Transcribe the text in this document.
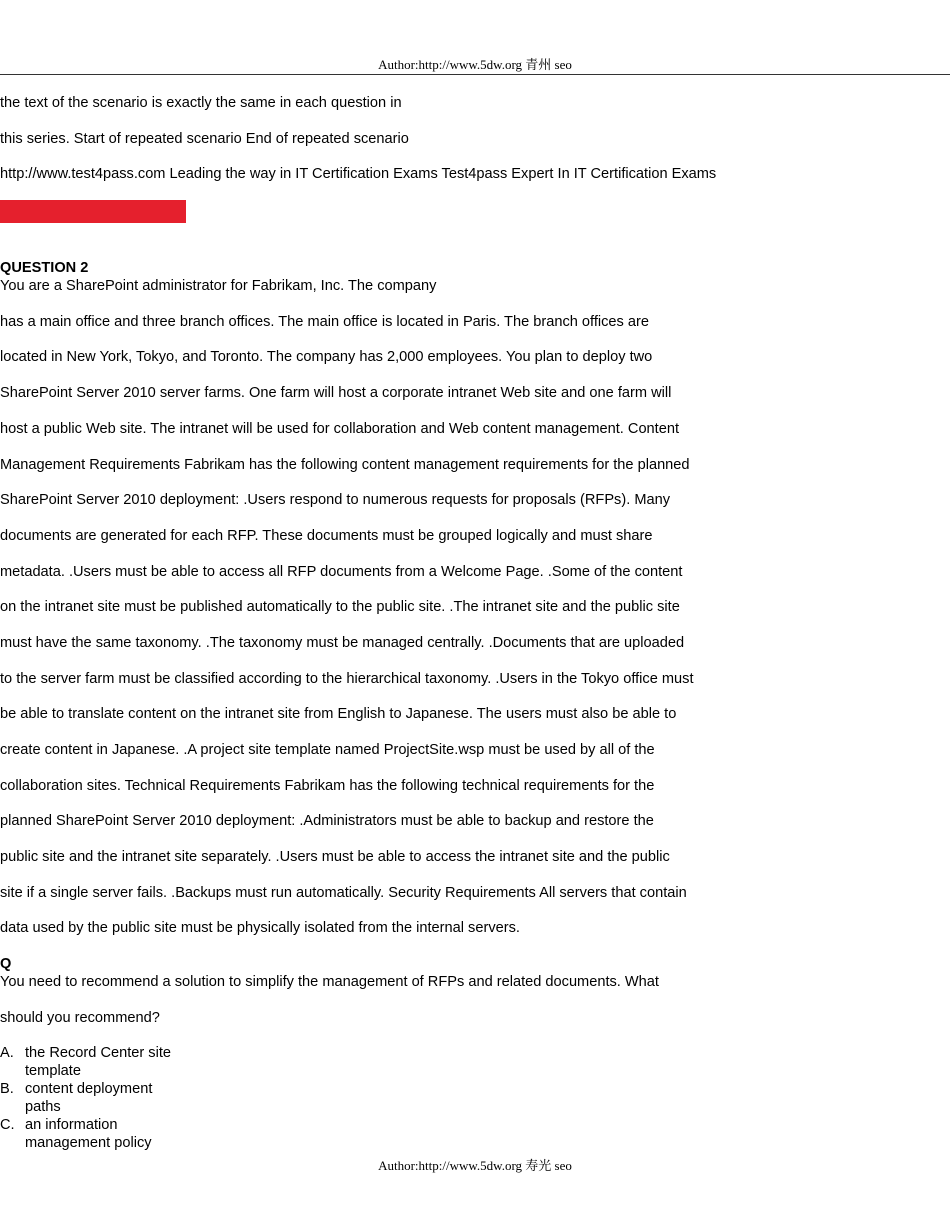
Author:http://www.5dw.org 青州 seo
the text of the scenario is exactly the same in each question in
this series. Start of repeated scenario End of repeated scenario
http://www.test4pass.com Leading the way in IT Certification Exams Test4pass Expert In IT Certification Exams
QUESTION 2
You are a SharePoint administrator for Fabrikam, Inc. The company
has a main office and three branch offices. The main office is located in Paris. The branch offices are
located in New York, Tokyo, and Toronto. The company has 2,000 employees. You plan to deploy two
SharePoint Server 2010 server farms. One farm will host a corporate intranet Web site and one farm will
host a public Web site. The intranet will be used for collaboration and Web content management. Content
Management Requirements Fabrikam has the following content management requirements for the planned
SharePoint Server 2010 deployment: .Users respond to numerous requests for proposals (RFPs). Many
documents are generated for each RFP. These documents must be grouped logically and must share
metadata. .Users must be able to access all RFP documents from a Welcome Page. .Some of the content
on the intranet site must be published automatically to the public site. .The intranet site and the public site
must have the same taxonomy. .The taxonomy must be managed centrally. .Documents that are uploaded
to the server farm must be classified according to the hierarchical taxonomy. .Users in the Tokyo office must
be able to translate content on the intranet site from English to Japanese. The users must also be able to
create content in Japanese. .A project site template named ProjectSite.wsp must be used by all of the
collaboration sites. Technical Requirements Fabrikam has the following technical requirements for the
planned SharePoint Server 2010 deployment: .Administrators must be able to backup and restore the
public site and the intranet site separately. .Users must be able to access the intranet site and the public
site if a single server fails. .Backups must run automatically. Security Requirements All servers that contain
data used by the public site must be physically isolated from the internal servers.
Q
You need to recommend a solution to simplify the management of RFPs and related documents. What
should you recommend?
A. the Record Center site template
B. content deployment paths
C. an information management policy
Author:http://www.5dw.org 寿光 seo
